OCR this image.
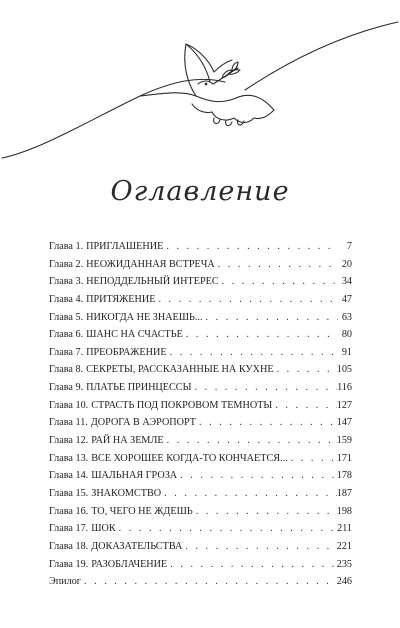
Оглавление
Глава 1. ПРИГЛАШЕНИЕ . . .	7
Глава 2. НЕОЖИДАННАЯ ВСТРЕЧА . . .	20
Глава 3. НЕПОДДЕЛЬНЫЙ ИНТЕРЕС . . .	34
Глава 4. ПРИТЯЖЕНИЕ . . .	47
Глава 5. НИКОГДА НЕ ЗНАЕШЬ... . . .	63
Глава 6. ШАНС НА СЧАСТЬЕ . . .	80
Глава 7. ПРЕОБРАЖЕНИЕ . . .	91
Глава 8. СЕКРЕТЫ, РАССКАЗАННЫЕ НА КУХНЕ . . .	105
Глава 9. ПЛАТЬЕ ПРИНЦЕССЫ . . .	116
Глава 10. СТРАСТЬ ПОД ПОКРОВОМ ТЕМНОТЫ . . .	127
Глава 11. ДОРОГА В АЭРОПОРТ . . .	147
Глава 12. РАЙ НА ЗЕМЛЕ . . .	159
Глава 13. ВСЕ ХОРОШЕЕ КОГДА-ТО КОНЧАЕТСЯ... . . .	171
Глава 14. ШАЛЬНАЯ ГРОЗА . . .	178
Глава 15. ЗНАКОМСТВО . . .	187
Глава 16. ТО, ЧЕГО НЕ ЖДЕШЬ . . .	198
Глава 17. ШОК . . .	211
Глава 18. ДОКАЗАТЕЛЬСТВА . . .	221
Глава 19. РАЗОБЛАЧЕНИЕ . . .	235
Эпилог . . .	246
